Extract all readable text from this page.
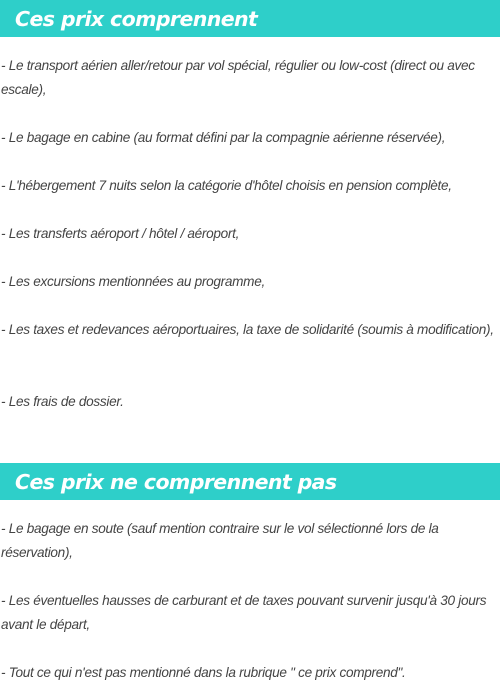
Ces prix comprennent

- Le transport aérien aller/retour par vol spécial, régulier ou low-cost (direct ou avec escale),

- Le bagage en cabine (au format défini par la compagnie aérienne réservée),

- L'hébergement 7 nuits selon la catégorie d'hôtel choisis en pension complète,

- Les transferts aéroport / hôtel / aéroport,

- Les excursions mentionnées au programme,

- Les taxes et redevances aéroportuaires, la taxe de solidarité (soumis à modification),

- Les frais de dossier.

Ces prix ne comprennent pas

- Le bagage en soute (sauf mention contraire sur le vol sélectionné lors de la réservation),

- Les éventuelles hausses de carburant et de taxes pouvant survenir jusqu'à 30 jours avant le départ,

- Tout ce qui n'est pas mentionné dans la rubrique " ce prix comprend".
